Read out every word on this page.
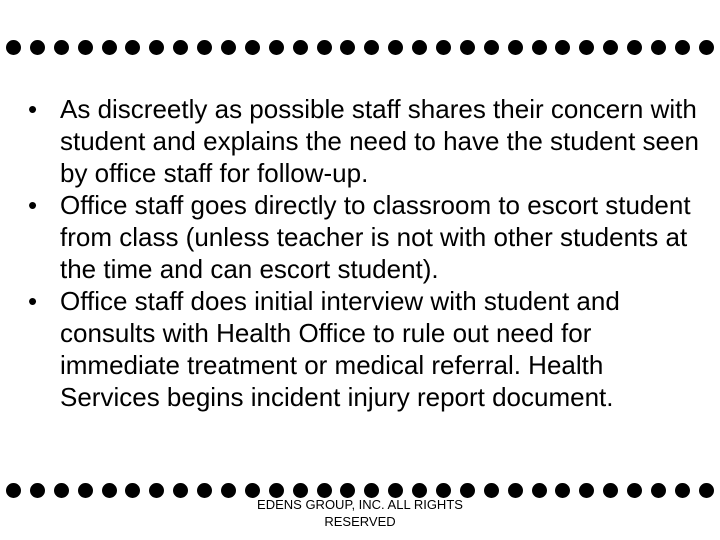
• As discreetly as possible staff shares their concern with student and explains the need to have the student seen by office staff for follow-up.
• Office staff goes directly to classroom to escort student from class (unless teacher is not with other students at the time and can escort student).
• Office staff does initial interview with student and consults with Health Office to rule out need for immediate treatment or medical referral. Health Services begins incident injury report document.
EDENS GROUP, INC. ALL RIGHTS RESERVED
